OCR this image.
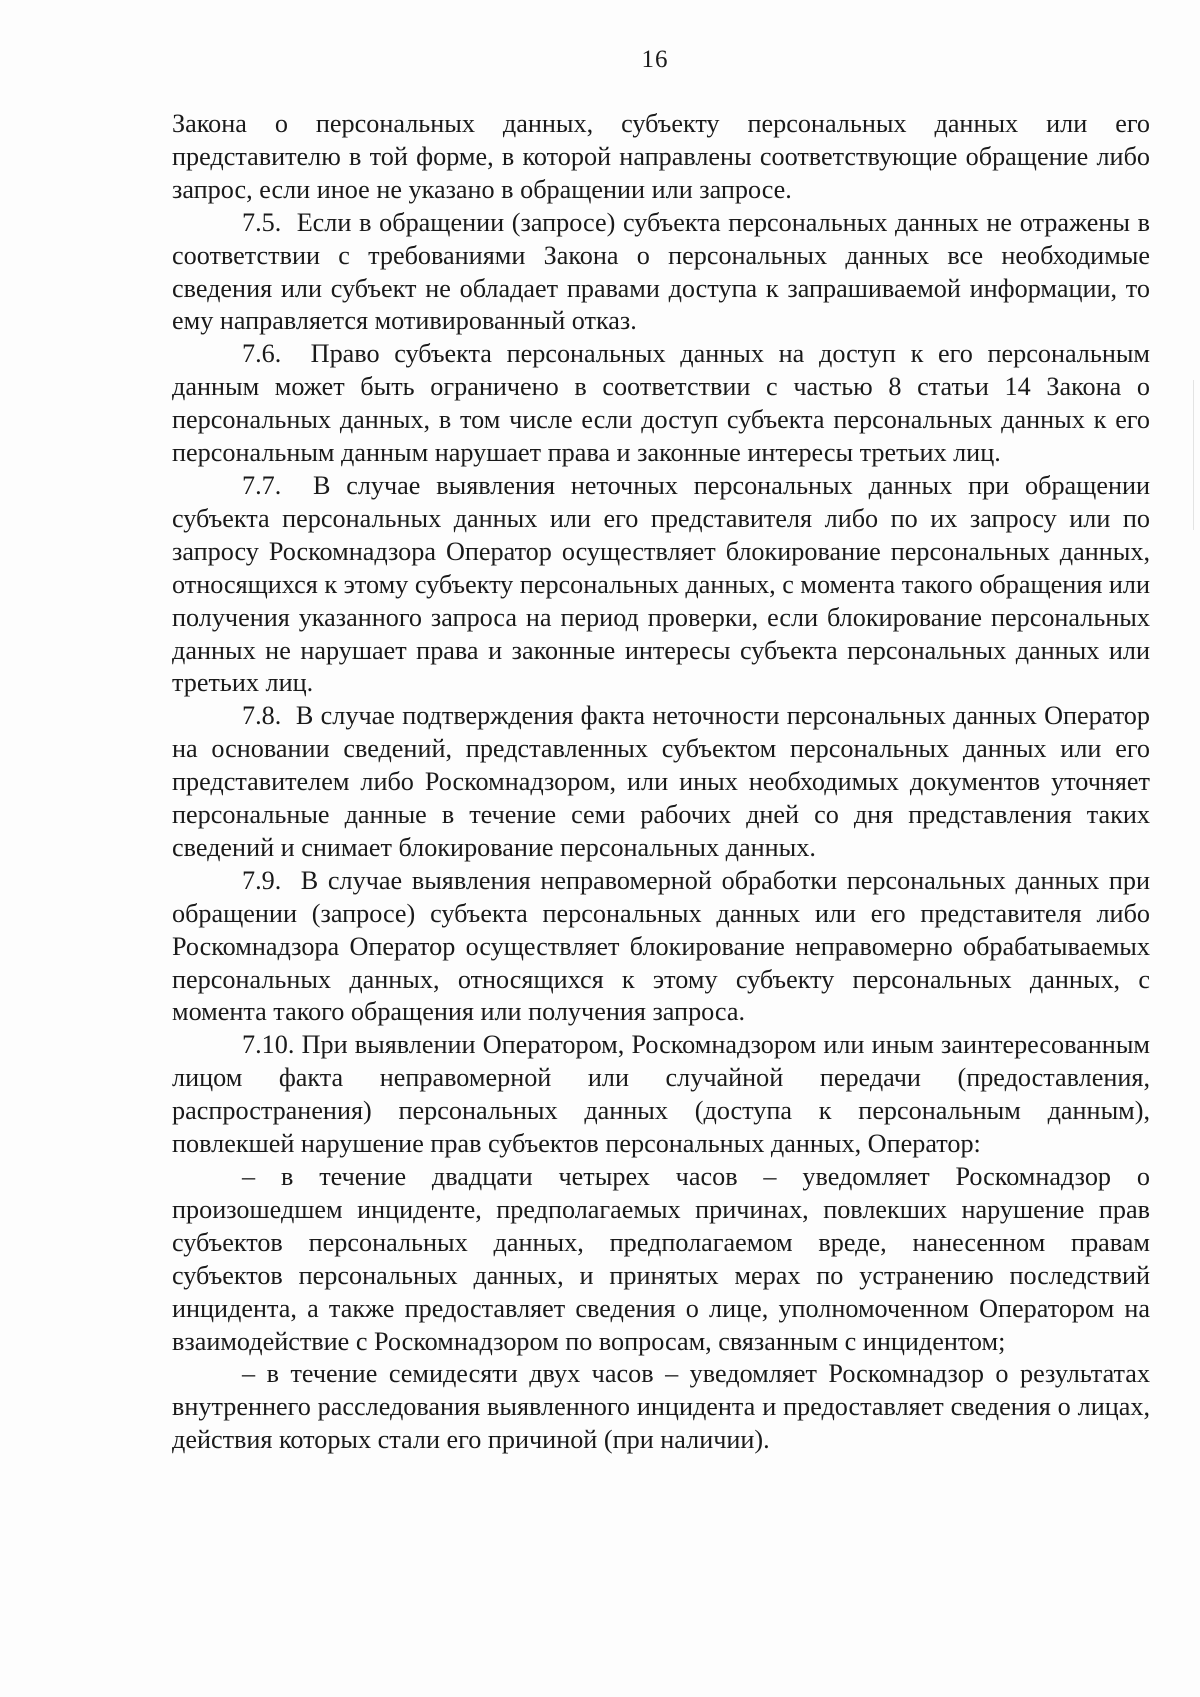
16

Закона о персональных данных, субъекту персональных данных или его представителю в той форме, в которой направлены соответствующие обращение либо запрос, если иное не указано в обращении или запросе.

7.5. Если в обращении (запросе) субъекта персональных данных не отражены в соответствии с требованиями Закона о персональных данных все необходимые сведения или субъект не обладает правами доступа к запрашиваемой информации, то ему направляется мотивированный отказ.

7.6. Право субъекта персональных данных на доступ к его персональным данным может быть ограничено в соответствии с частью 8 статьи 14 Закона о персональных данных, в том числе если доступ субъекта персональных данных к его персональным данным нарушает права и законные интересы третьих лиц.

7.7. В случае выявления неточных персональных данных при обращении субъекта персональных данных или его представителя либо по их запросу или по запросу Роскомнадзора Оператор осуществляет блокирование персональных данных, относящихся к этому субъекту персональных данных, с момента такого обращения или получения указанного запроса на период проверки, если блокирование персональных данных не нарушает права и законные интересы субъекта персональных данных или третьих лиц.

7.8. В случае подтверждения факта неточности персональных данных Оператор на основании сведений, представленных субъектом персональных данных или его представителем либо Роскомнадзором, или иных необходимых документов уточняет персональные данные в течение семи рабочих дней со дня представления таких сведений и снимает блокирование персональных данных.

7.9. В случае выявления неправомерной обработки персональных данных при обращении (запросе) субъекта персональных данных или его представителя либо Роскомнадзора Оператор осуществляет блокирование неправомерно обрабатываемых персональных данных, относящихся к этому субъекту персональных данных, с момента такого обращения или получения запроса.

7.10. При выявлении Оператором, Роскомнадзором или иным заинтересованным лицом факта неправомерной или случайной передачи (предоставления, распространения) персональных данных (доступа к персональным данным), повлекшей нарушение прав субъектов персональных данных, Оператор:

– в течение двадцати четырех часов – уведомляет Роскомнадзор о произошедшем инциденте, предполагаемых причинах, повлекших нарушение прав субъектов персональных данных, предполагаемом вреде, нанесенном правам субъектов персональных данных, и принятых мерах по устранению последствий инцидента, а также предоставляет сведения о лице, уполномоченном Оператором на взаимодействие с Роскомнадзором по вопросам, связанным с инцидентом;

– в течение семидесяти двух часов – уведомляет Роскомнадзор о результатах внутреннего расследования выявленного инцидента и предоставляет сведения о лицах, действия которых стали его причиной (при наличии).
